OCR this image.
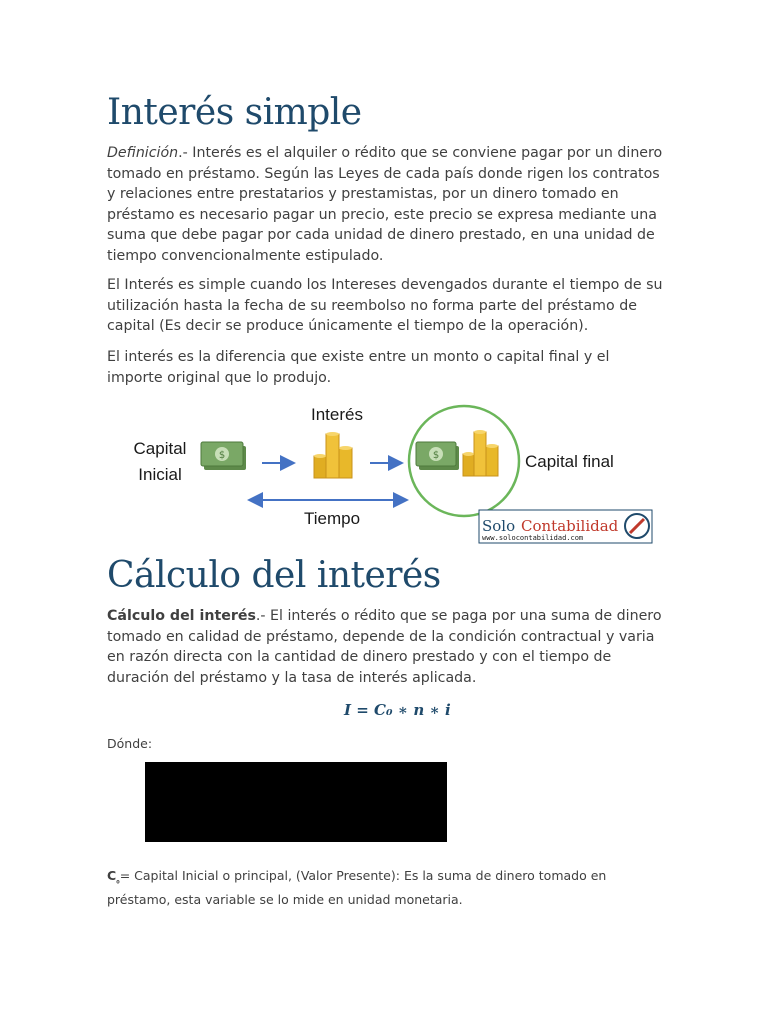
Interés simple

Definición.- Interés es el alquiler o rédito que se conviene pagar por un dinero tomado en préstamo. Según las Leyes de cada país donde rigen los contratos y relaciones entre prestatarios y prestamistas, por un dinero tomado en préstamo es necesario pagar un precio, este precio se expresa mediante una suma que debe pagar por cada unidad de dinero prestado, en una unidad de tiempo convencionalmente estipulado.

El Interés es simple cuando los Intereses devengados durante el tiempo de su utilización hasta la fecha de su reembolso no forma parte del préstamo de capital (Es decir se produce únicamente el tiempo de la operación).

El interés es la diferencia que existe entre un monto o capital final y el importe original que lo produjo.

Capital
Inicial
$
Interés
$	Capital final
Tiempo	Solo Contabilidad
www.solocontabilidad.com
Cálculo del interés

Cálculo del interés.- El interés o rédito que se paga por una suma de dinero tomado en calidad de préstamo, depende de la condición contractual y varia en razón directa con la cantidad de dinero prestado y con el tiempo de duración del préstamo y la tasa de interés aplicada.

I = C₀ ∗ n ∗ i
Dónde:

$C_{_0}=$ Capital Inicial o principal, (Valor Presente): Es la suma de dinero tomado en préstamo, esta variable se lo mide en unidad monetaria.
